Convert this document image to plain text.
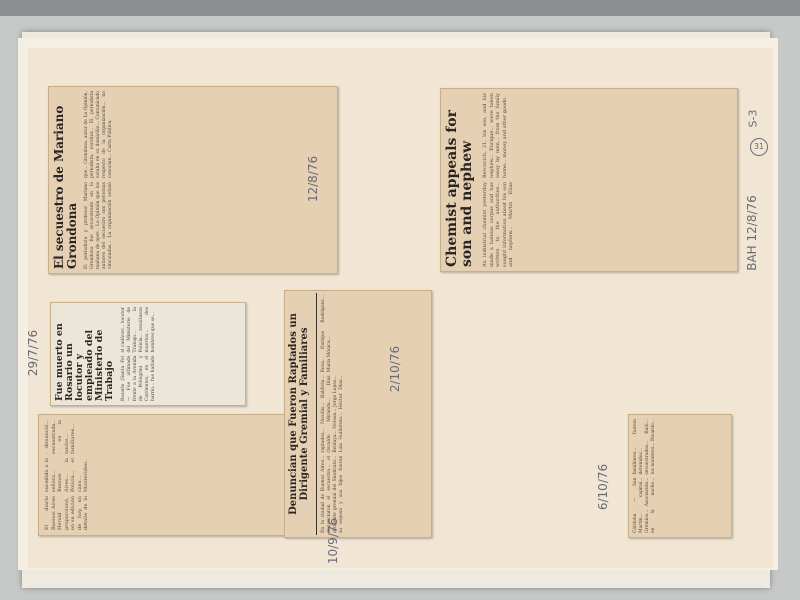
El secuestro de Mariano Grondona	El periodista y profesor Mariano Grondona fue secuestrado en la mañana de ayer... La Opinión que los autores del secuestro son personas vinculadas... La organización señaló que... Grondona, autor de La Opinión, periodista, escritor... El periodista estaba en su domicilio... Comunicado respecto de la organización... no conocían... Carta Pública.
12/8/76
Fue muerto en Rosario un locutor y empleado del Ministerio de Trabajo	Rosario (Santa Fe) — Fue ultimado frente a la Avenida de Pellegrini y Corrientes, en el barrio... fue hallado el cadáver... locutor del Ministerio de Trabajo... la Policía... resultaron muertos... dos hombres que se...
29/7/76
El diario Buenos Aires Herald proporcionó, en su edición de hoy, un detalle de lo sucedido a la señora... Buenos Aires... la Policía... el caso... Montevideo... denunció... secuestrada... en la noche... familiares...	Denuncian que Fueron Raptados un Dirigente Gremial y Familiares	En la ciudad de Buenos Aires... denunciaron el secuestro... el dirigente gremial del Sindicato... su esposa y sus hijos fueron raptados... Nicolás... Baldivia... Osvaldo Miranda... Díaz Beldaya... Nelson... Jorge Lopez... Luis Guillermo... Héctor Díaz... Rosa... Enrique Rodríguez... María Mónica...
10/9/76
2/10/76
Chemist appeals for son and nephew	An industrial chemist yesterday made a habeas corpus and has written to the authorities... sought information about his son and nephew... Martin Elias Bercovich, 21, his son, and his nephew... Enrique... were taken away by men... from the family home... money and other goods.
BAH 12/8/76
Córdoba — San Martín... capital... Gremios... Asociación... en la noche... familiares... fueron detenidos... secuestrados... Raúl... los nombres... Ricardo...
6/10/76
S-3
31
